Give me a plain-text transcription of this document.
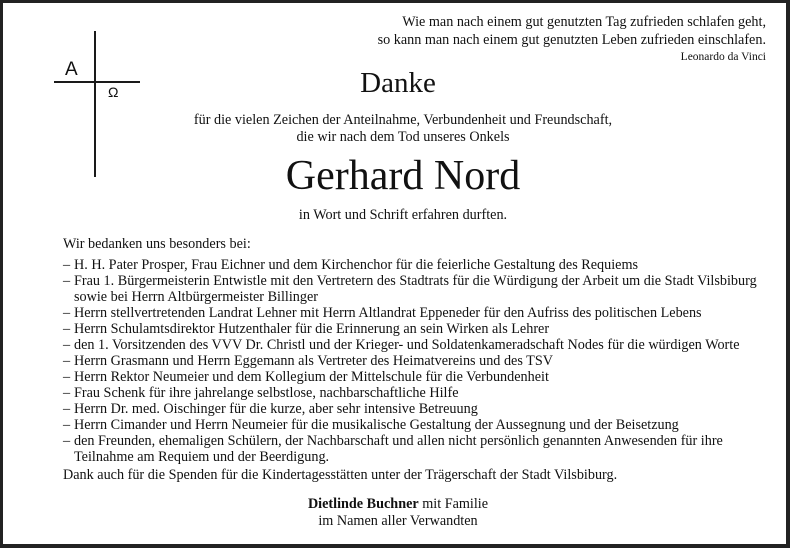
Wie man nach einem gut genutzten Tag zufrieden schlafen geht,
so kann man nach einem gut genutzten Leben zufrieden einschlafen.
Leonardo da Vinci
A
Ω	Danke
für die vielen Zeichen der Anteilnahme, Verbundenheit und Freundschaft,
die wir nach dem Tod unseres Onkels
Gerhard Nord
in Wort und Schrift erfahren durften.
Wir bedanken uns besonders bei:
– H. H. Pater Prosper, Frau Eichner und dem Kirchenchor für die feierliche Gestaltung des Requiems
– Frau 1. Bürgermeisterin Entwistle mit den Vertretern des Stadtrats für die Würdigung der Arbeit um die Stadt Vilsbiburg sowie bei Herrn Altbürgermeister Billinger
– Herrn stellvertretenden Landrat Lehner mit Herrn Altlandrat Eppeneder für den Aufriss des politischen Lebens
– Herrn Schulamtsdirektor Hutzenthaler für die Erinnerung an sein Wirken als Lehrer
– den 1. Vorsitzenden des VVV Dr. Christl und der Krieger- und Soldatenkameradschaft Nodes für die würdigen Worte
– Herrn Grasmann und Herrn Eggemann als Vertreter des Heimatvereins und des TSV
– Herrn Rektor Neumeier und dem Kollegium der Mittelschule für die Verbundenheit
– Frau Schenk für ihre jahrelange selbstlose, nachbarschaftliche Hilfe
– Herrn Dr. med. Oischinger für die kurze, aber sehr intensive Betreuung
– Herrn Cimander und Herrn Neumeier für die musikalische Gestaltung der Aussegnung und der Beisetzung
– den Freunden, ehemaligen Schülern, der Nachbarschaft und allen nicht persönlich genannten Anwesenden für ihre Teilnahme am Requiem und der Beerdigung.
Dank auch für die Spenden für die Kindertagesstätten unter der Trägerschaft der Stadt Vilsbiburg.
Dietlinde Buchner mit Familie
im Namen aller Verwandten
